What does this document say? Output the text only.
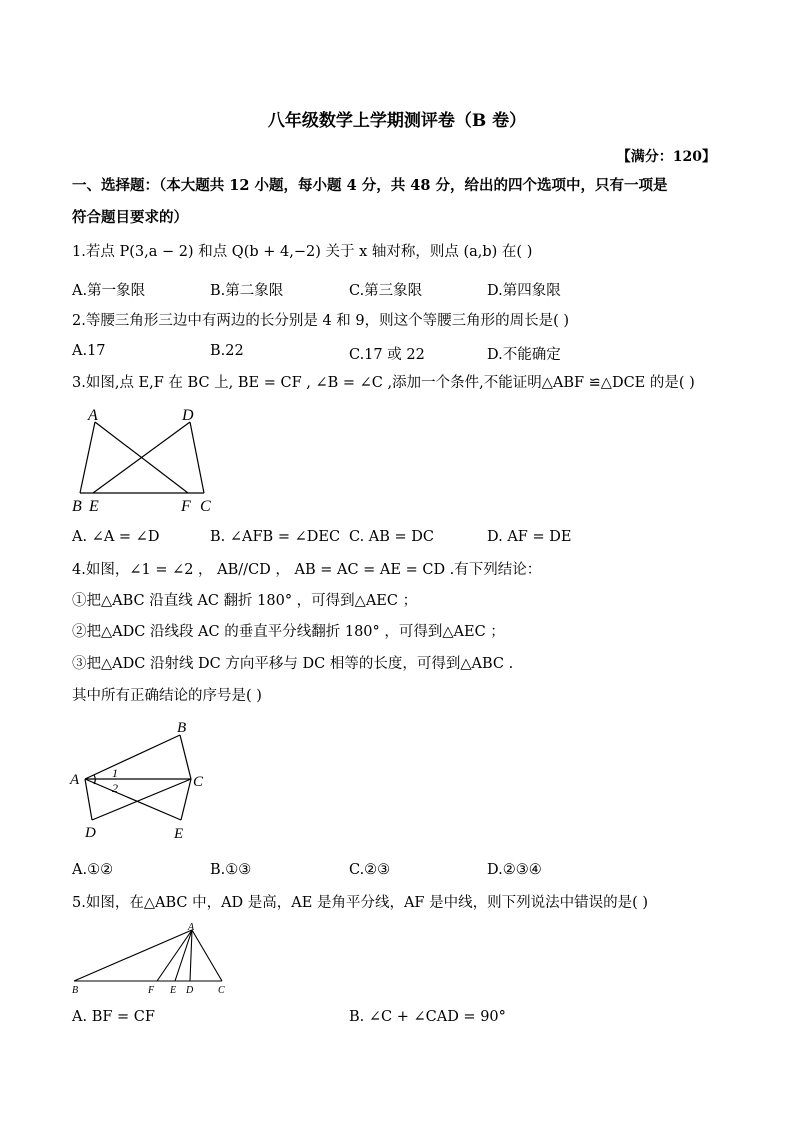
八年级数学上学期测评卷（B 卷）
【满分：120】
一、选择题：（本大题共 12 小题，每小题 4 分，共 48 分，给出的四个选项中，只有一项是
符合题目要求的）
1.若点 P(3,a − 2) 和点 Q(b + 4,−2) 关于 x 轴对称，则点 (a,b) 在( )
A.第一象限	B.第二象限	C.第三象限	D.第四象限
2.等腰三角形三边中有两边的长分别是 4 和 9，则这个等腰三角形的周长是( )
A.17	B.22	C.17 或 22	D.不能确定
3.如图,点 E,F 在 BC 上, BE = CF , ∠B = ∠C ,添加一个条件,不能证明△ABF ≌△DCE 的是( )
A	D
B E	F C
A. ∠A = ∠D	B. ∠AFB = ∠DEC C. AB = DC	D. AF = DE
4.如图，∠1 = ∠2 ， AB//CD ， AB = AC = AE = CD .有下列结论：
①把△ABC 沿直线 AC 翻折 180° ，可得到△AEC ；
②把△ADC 沿线段 AC 的垂直平分线翻折 180° ，可得到△AEC ；
③把△ADC 沿射线 DC 方向平移与 DC 相等的长度，可得到△ABC .
其中所有正确结论的序号是( )
A
B
C
D	E
1
2
A.①②	B.①③	C.②③	D.②③④
5.如图，在△ABC 中，AD 是高，AE 是角平分线，AF 是中线，则下列说法中错误的是( )
A
B	F E D C
A. BF = CF	B. ∠C + ∠CAD = 90°
